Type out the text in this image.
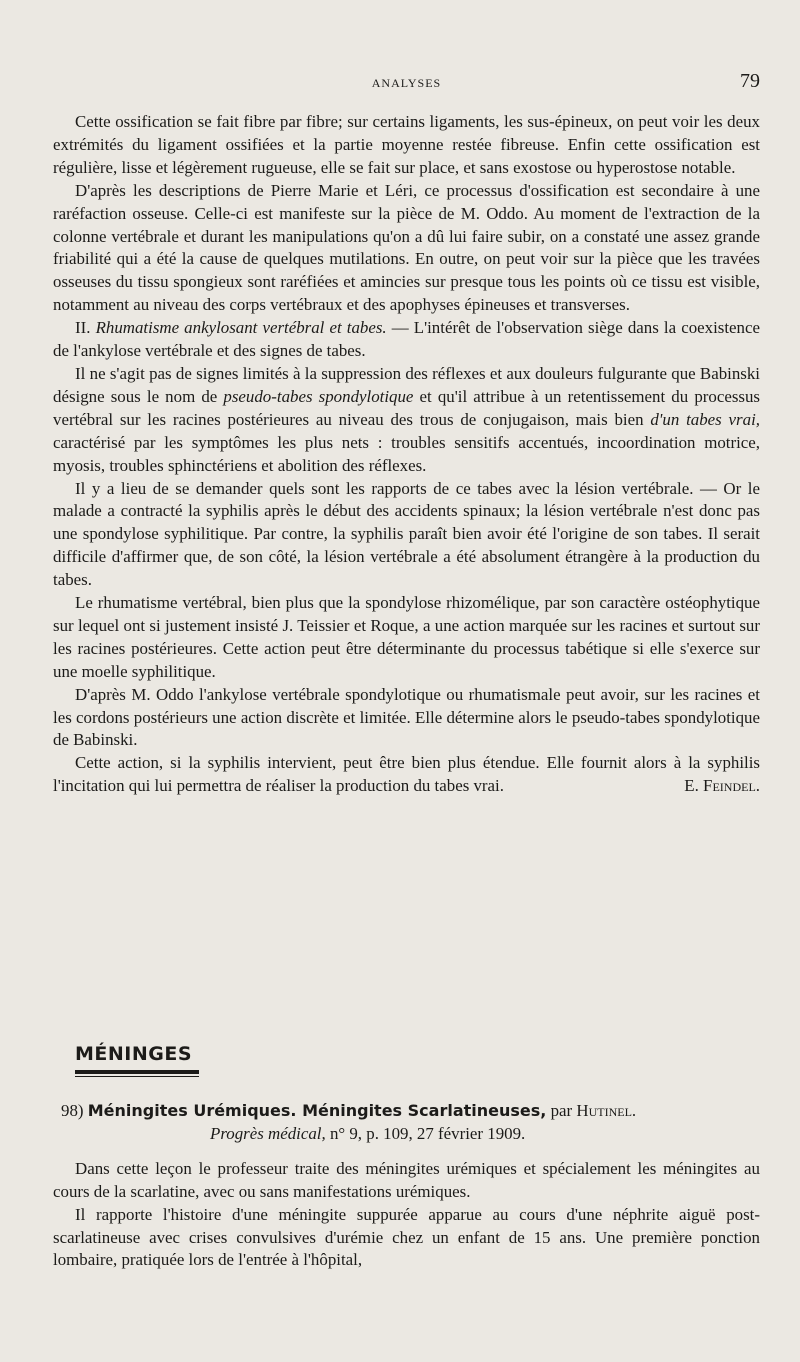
ANALYSES	79

Cette ossification se fait fibre par fibre; sur certains ligaments, les sus-épineux, on peut voir les deux extrémités du ligament ossifiées et la partie moyenne restée fibreuse. Enfin cette ossification est régulière, lisse et légèrement rugueuse, elle se fait sur place, et sans exostose ou hyperostose notable.

D'après les descriptions de Pierre Marie et Léri, ce processus d'ossification est secondaire à une raréfaction osseuse. Celle-ci est manifeste sur la pièce de M. Oddo. Au moment de l'extraction de la colonne vertébrale et durant les manipulations qu'on a dû lui faire subir, on a constaté une assez grande friabilité qui a été la cause de quelques mutilations. En outre, on peut voir sur la pièce que les travées osseuses du tissu spongieux sont raréfiées et amincies sur presque tous les points où ce tissu est visible, notamment au niveau des corps vertébraux et des apophyses épineuses et transverses.

II. Rhumatisme ankylosant vertébral et tabes. — L'intérêt de l'observation siège dans la coexistence de l'ankylose vertébrale et des signes de tabes.

Il ne s'agit pas de signes limités à la suppression des réflexes et aux douleurs fulgurante que Babinski désigne sous le nom de pseudo-tabes spondylotique et qu'il attribue à un retentissement du processus vertébral sur les racines postérieures au niveau des trous de conjugaison, mais bien d'un tabes vrai, caractérisé par les symptômes les plus nets : troubles sensitifs accentués, incoordination motrice, myosis, troubles sphinctériens et abolition des réflexes.

Il y a lieu de se demander quels sont les rapports de ce tabes avec la lésion vertébrale. — Or le malade a contracté la syphilis après le début des accidents spinaux; la lésion vertébrale n'est donc pas une spondylose syphilitique. Par contre, la syphilis paraît bien avoir été l'origine de son tabes. Il serait difficile d'affirmer que, de son côté, la lésion vertébrale a été absolument étrangère à la production du tabes.

Le rhumatisme vertébral, bien plus que la spondylose rhizomélique, par son caractère ostéophytique sur lequel ont si justement insisté J. Teissier et Roque, a une action marquée sur les racines et surtout sur les racines postérieures. Cette action peut être déterminante du processus tabétique si elle s'exerce sur une moelle syphilitique.

D'après M. Oddo l'ankylose vertébrale spondylotique ou rhumatismale peut avoir, sur les racines et les cordons postérieurs une action discrète et limitée. Elle détermine alors le pseudo-tabes spondylotique de Babinski.

Cette action, si la syphilis intervient, peut être bien plus étendue. Elle fournit alors à la syphilis l'incitation qui lui permettra de réaliser la production du tabes vrai.	E. Feindel.

MÉNINGES

98) Méningites Urémiques. Méningites Scarlatineuses, par Hutinel.

Progrès médical, n° 9, p. 109, 27 février 1909.

Dans cette leçon le professeur traite des méningites urémiques et spécialement les méningites au cours de la scarlatine, avec ou sans manifestations urémiques.

Il rapporte l'histoire d'une méningite suppurée apparue au cours d'une néphrite aiguë post-scarlatineuse avec crises convulsives d'urémie chez un enfant de 15 ans. Une première ponction lombaire, pratiquée lors de l'entrée à l'hôpital,
